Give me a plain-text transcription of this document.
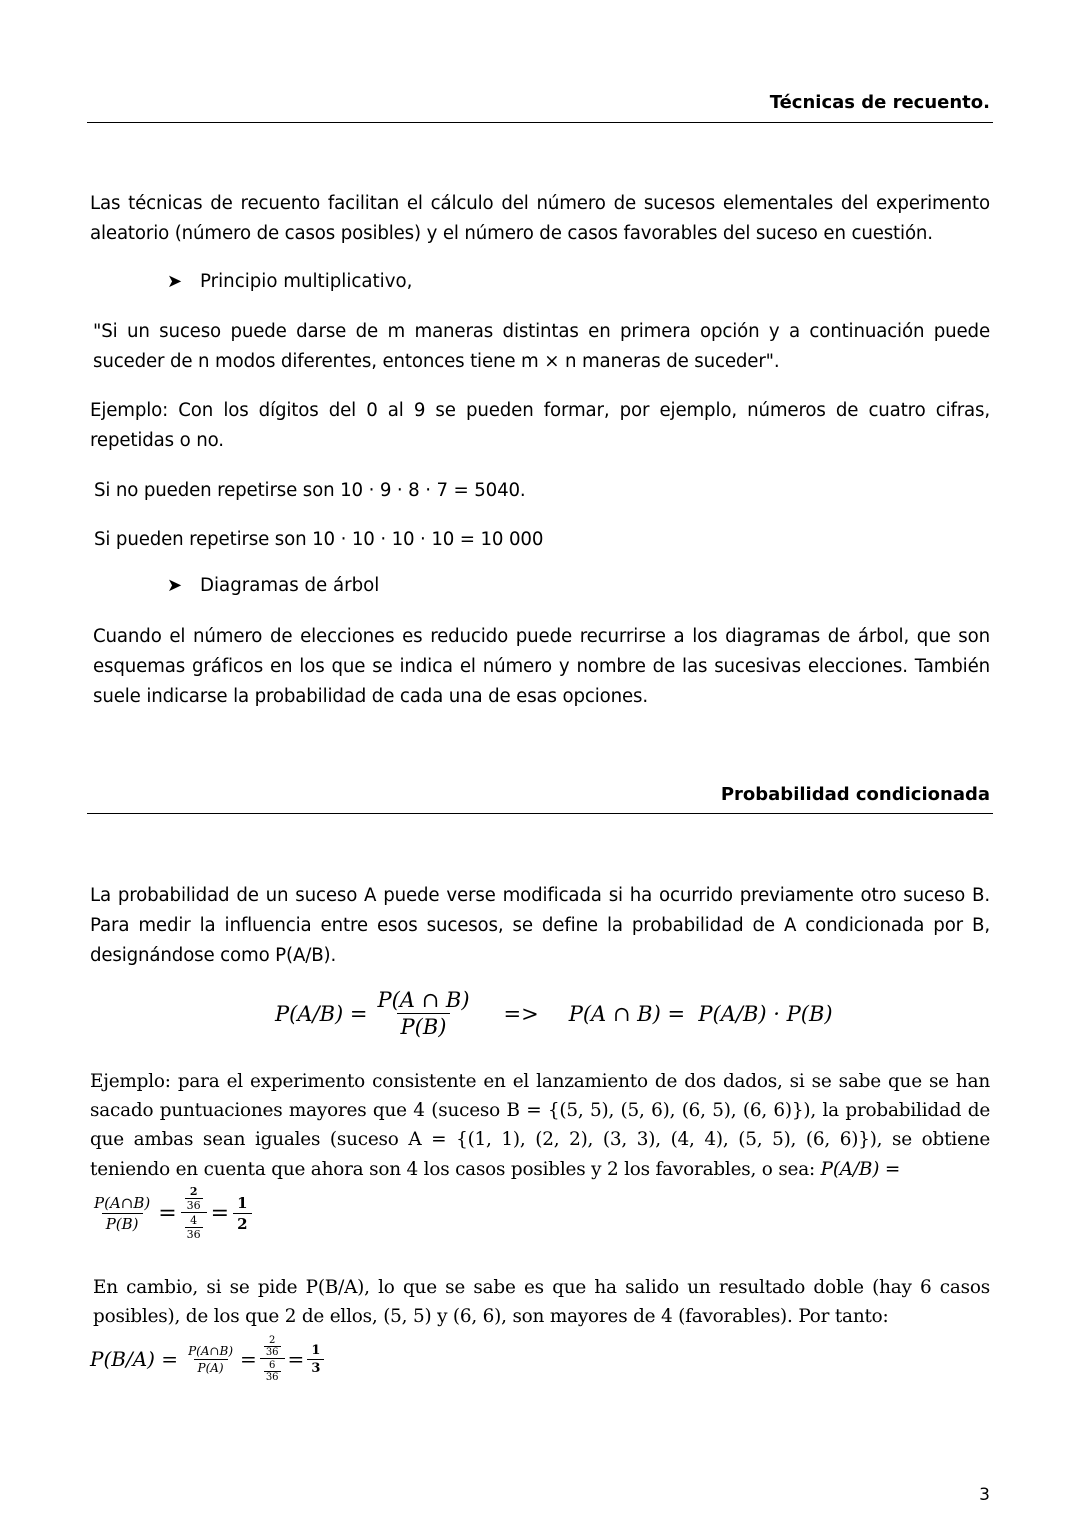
Técnicas de recuento.
Las técnicas de recuento facilitan el cálculo del número de sucesos elementales del experimento aleatorio (número de casos posibles) y el número de casos favorables del suceso en cuestión.
➤ Principio multiplicativo,
"Si un suceso puede darse de m maneras distintas en primera opción y a continuación puede suceder de n modos diferentes, entonces tiene m × n maneras de suceder".
Ejemplo: Con los dígitos del 0 al 9 se pueden formar, por ejemplo, números de cuatro cifras, repetidas o no.
Si no pueden repetirse son 10 · 9 · 8 · 7 = 5040.
Si pueden repetirse son 10 · 10 · 10 · 10 = 10 000
➤ Diagramas de árbol
Cuando el número de elecciones es reducido puede recurrirse a los diagramas de árbol, que son esquemas gráficos en los que se indica el número y nombre de las sucesivas elecciones. También suele indicarse la probabilidad de cada una de esas opciones.
Probabilidad condicionada
La probabilidad de un suceso A puede verse modificada si ha ocurrido previamente otro suceso B. Para medir la influencia entre esos sucesos, se define la probabilidad de A condicionada por B, designándose como P(A/B).
$P(A/B) = \frac{P(A \cap B)}{P(B)} => P(A$ ∩ B) =  P(A/B) · P(B)
Ejemplo: para el experimento consistente en el lanzamiento de dos dados, si se sabe que se han sacado puntuaciones mayores que 4 (suceso B = {(5, 5), (5, 6), (6, 5), (6, 6)}), la probabilidad de que ambas sean iguales (suceso A = {(1, 1), (2, 2), (3, 3), (4, 4), (5, 5), (6, 6)}), se obtiene teniendo en cuenta que ahora son 4 los casos posibles y 2 los favorables, o sea: P(A/B) =
$\frac{P(A\cap B)}{P(B)} = \frac{\frac{2}{36}}{\frac{4}{36}} = \frac{1}{2}$
En cambio, si se pide P(B/A), lo que se sabe es que ha salido un resultado doble (hay 6 casos posibles), de los que 2 de ellos, (5, 5) y (6, 6), son mayores de 4 (favorables). Por tanto:
$P(B/A) = \frac{P(A\cap B)}{P(A)} = \frac{\frac{2}{36}}{\frac{6}{36}} = \frac{1}{3}$
3
